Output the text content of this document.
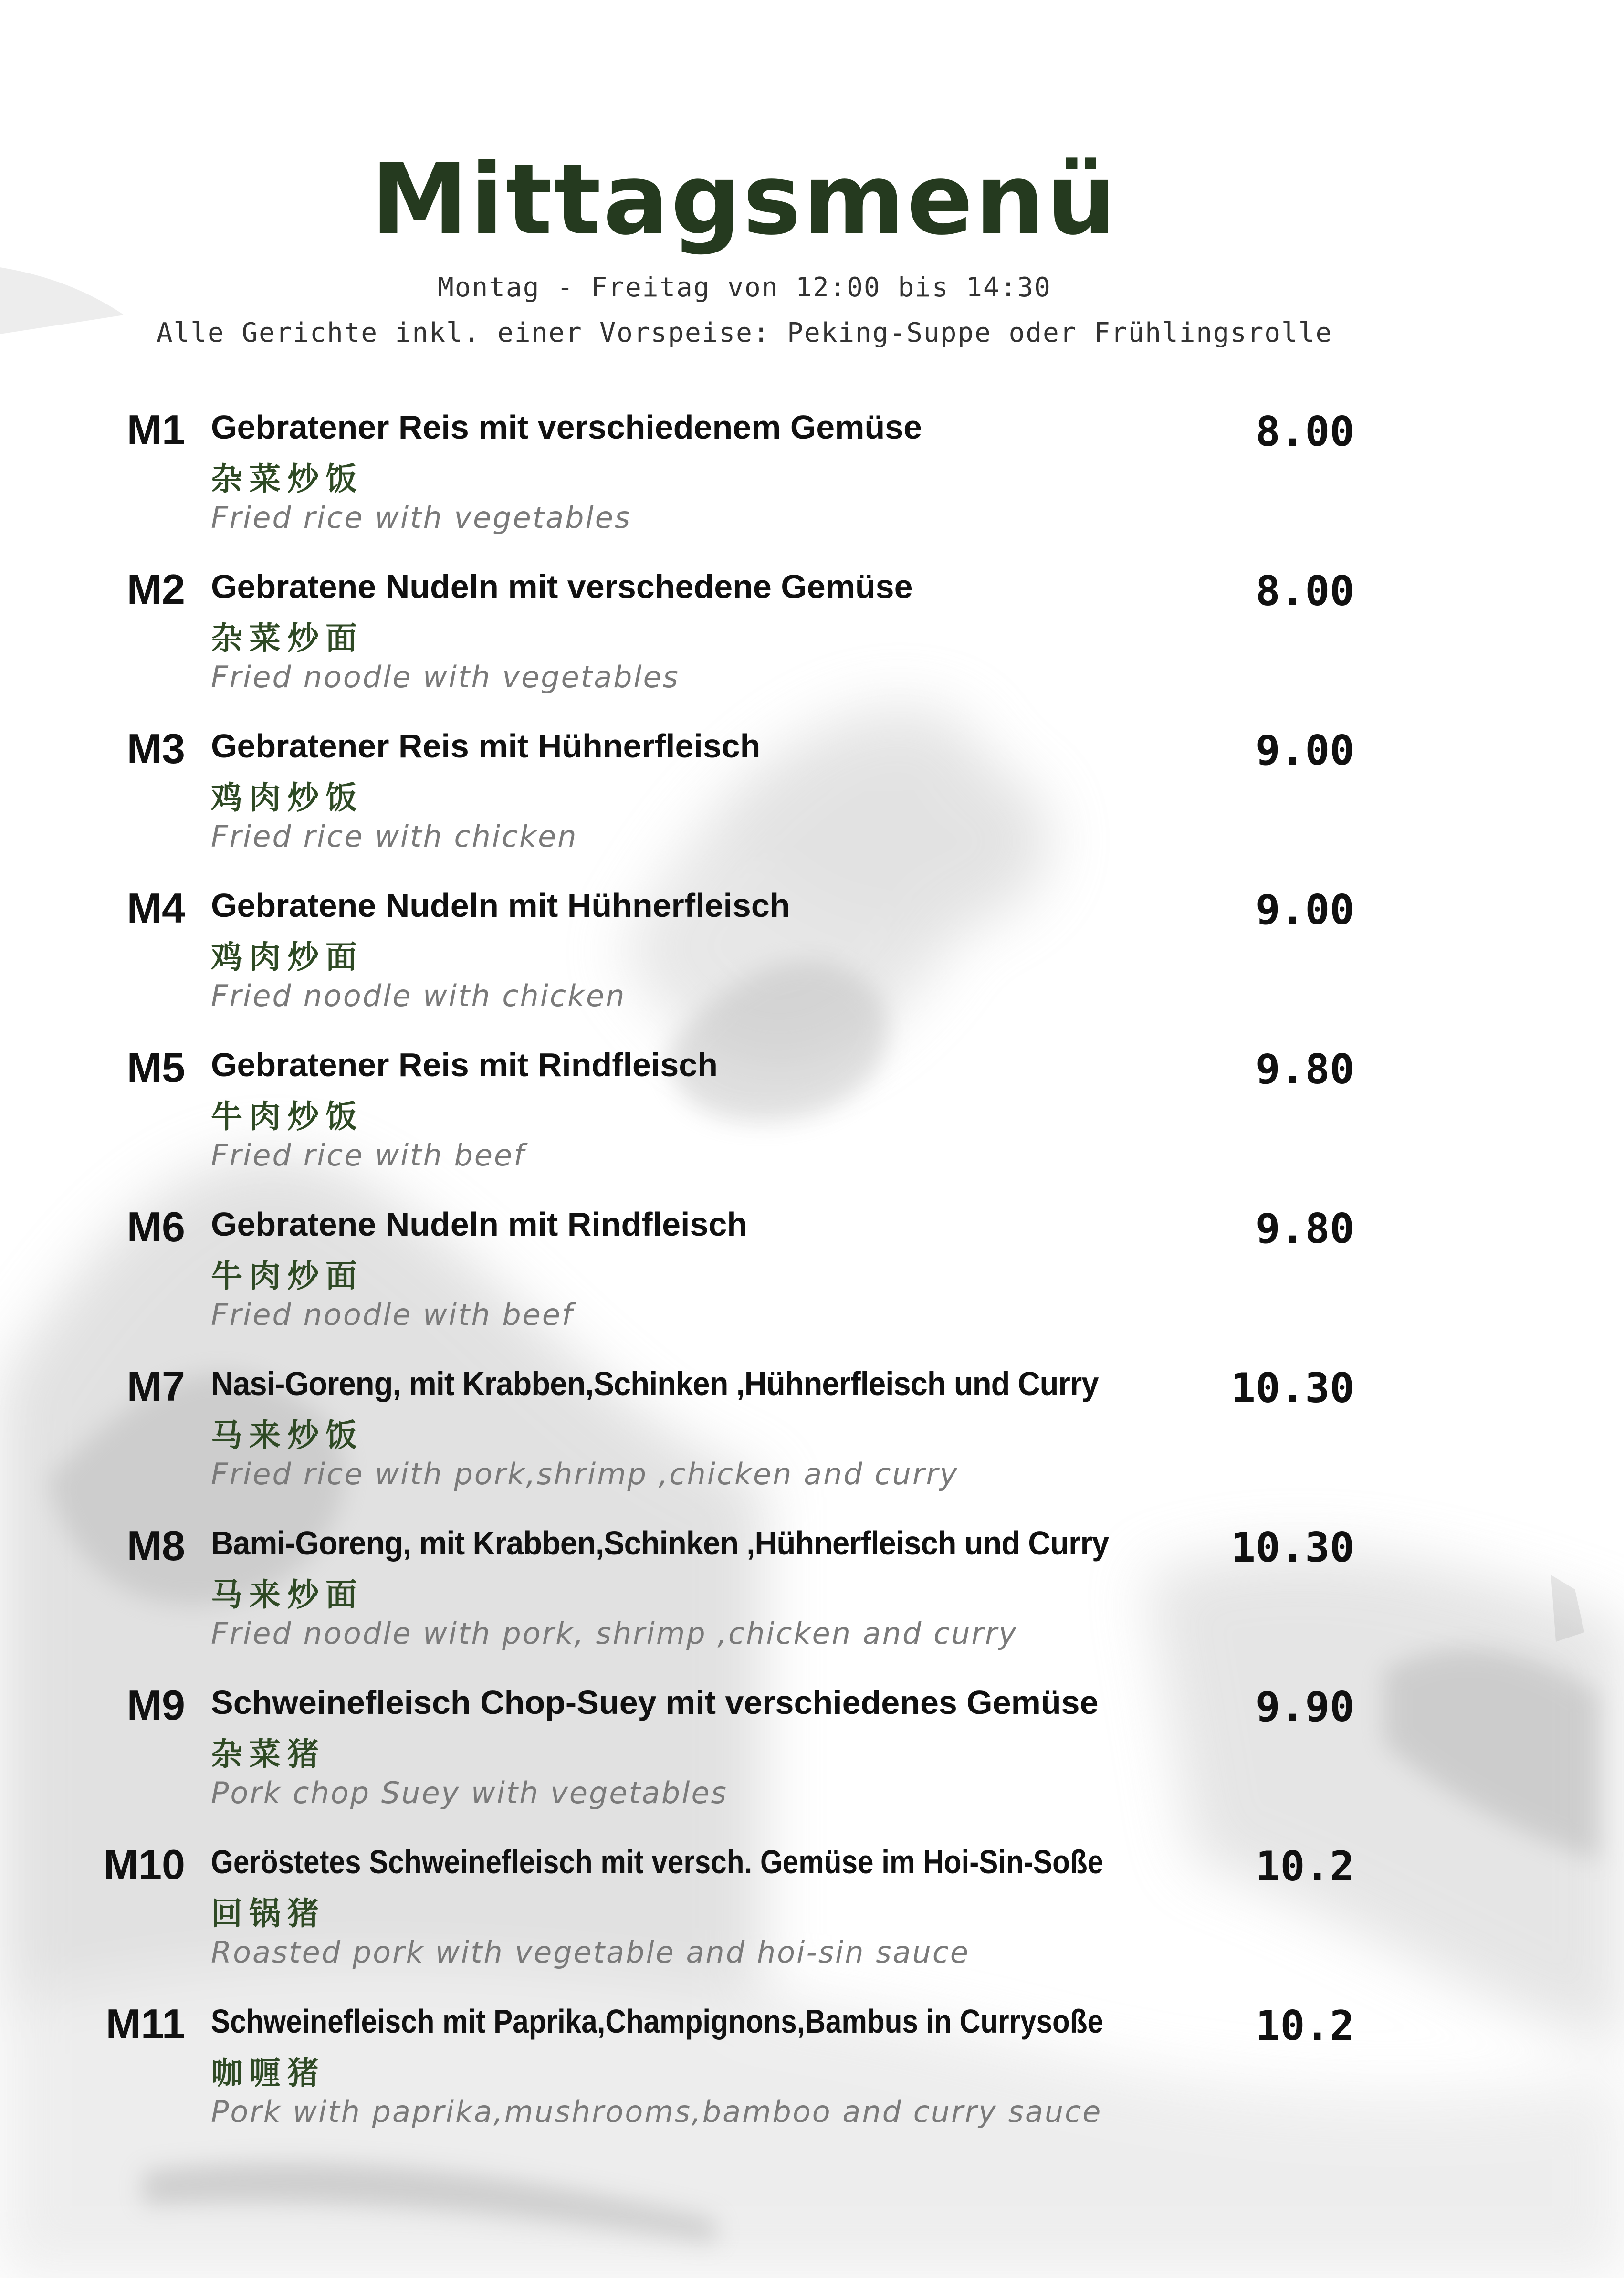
Mittagsmenü
Montag - Freitag von 12:00 bis 14:30
Alle Gerichte inkl. einer Vorspeise: Peking-Suppe oder Frühlingsrolle
M1 Gebratener Reis mit verschiedenem Gemüse
杂菜炒饭
Fried rice with vegetables
8.00
M2 Gebratene Nudeln mit verschedene Gemüse
杂菜炒面
Fried noodle with vegetables
8.00
M3 Gebratener Reis mit Hühnerfleisch
鸡肉炒饭
Fried rice with chicken
9.00
M4 Gebratene Nudeln mit Hühnerfleisch
鸡肉炒面
Fried noodle with chicken
9.00
M5 Gebratener Reis mit Rindfleisch
牛肉炒饭
Fried rice with beef
9.80
M6 Gebratene Nudeln mit Rindfleisch
牛肉炒面
Fried noodle with beef
9.80
M7 Nasi-Goreng, mit Krabben,Schinken ,Hühnerfleisch und Curry
马来炒饭
Fried rice with pork,shrimp ,chicken and curry
10.30
M8 Bami-Goreng, mit Krabben,Schinken ,Hühnerfleisch und Curry
马来炒面
Fried noodle with pork, shrimp ,chicken and curry
10.30
M9 Schweinefleisch Chop-Suey mit verschiedenes Gemüse
杂菜猪
Pork chop Suey with vegetables
9.90
M10 Geröstetes Schweinefleisch mit versch. Gemüse im Hoi-Sin-Soße
回锅猪
Roasted pork with vegetable and hoi-sin sauce
10.2
M11 Schweinefleisch mit Paprika,Champignons,Bambus in Currysoße
咖喱猪
Pork with paprika,mushrooms,bamboo and curry sauce
10.2
